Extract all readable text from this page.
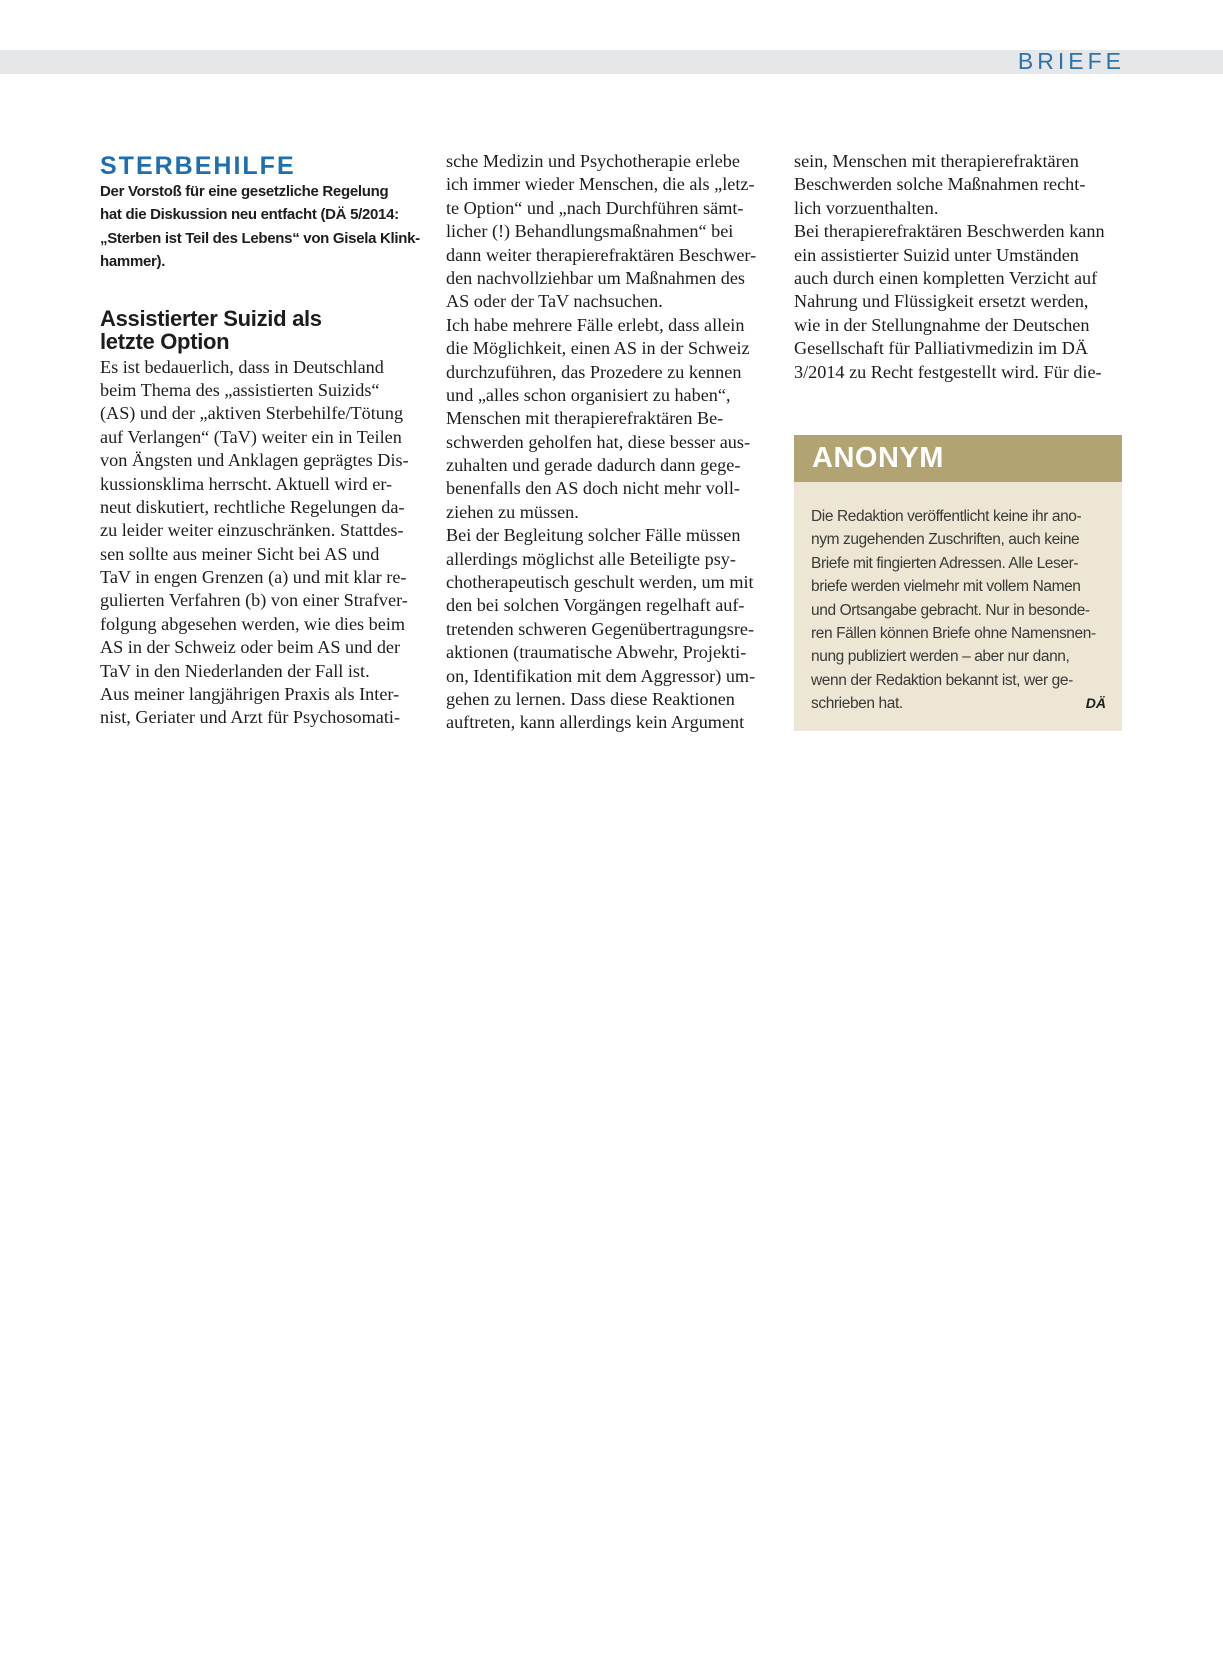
BRIEFE
STERBEHILFE
Der Vorstoß für eine gesetzliche Regelung
hat die Diskussion neu entfacht (DÄ 5/2014:
„Sterben ist Teil des Lebens“ von Gisela Klink-
hammer).
Assistierter Suizid als
letzte Option
Es ist bedauerlich, dass in Deutschland
beim Thema des „assistierten Suizids“
(AS) und der „aktiven Sterbehilfe/Tötung
auf Verlangen“ (TaV) weiter ein in Teilen
von Ängsten und Anklagen geprägtes Dis-
kussionsklima herrscht. Aktuell wird er-
neut diskutiert, rechtliche Regelungen da-
zu leider weiter einzuschränken. Stattdes-
sen sollte aus meiner Sicht bei AS und
TaV in engen Grenzen (a) und mit klar re-
gulierten Verfahren (b) von einer Strafver-
folgung abgesehen werden, wie dies beim
AS in der Schweiz oder beim AS und der
TaV in den Niederlanden der Fall ist.
Aus meiner langjährigen Praxis als Inter-
nist, Geriater und Arzt für Psychosomati-
sche Medizin und Psychotherapie erlebe
ich immer wieder Menschen, die als „letz-
te Option“ und „nach Durchführen sämt-
licher (!) Behandlungsmaßnahmen“ bei
dann weiter therapierefraktären Beschwer-
den nachvollziehbar um Maßnahmen des
AS oder der TaV nachsuchen.
Ich habe mehrere Fälle erlebt, dass allein
die Möglichkeit, einen AS in der Schweiz
durchzuführen, das Prozedere zu kennen
und „alles schon organisiert zu haben“,
Menschen mit therapierefraktären Be-
schwerden geholfen hat, diese besser aus-
zuhalten und gerade dadurch dann gege-
benenfalls den AS doch nicht mehr voll-
ziehen zu müssen.
Bei der Begleitung solcher Fälle müssen
allerdings möglichst alle Beteiligte psy-
chotherapeutisch geschult werden, um mit
den bei solchen Vorgängen regelhaft auf-
tretenden schweren Gegenübertragungsre-
aktionen (traumatische Abwehr, Projekti-
on, Identifikation mit dem Aggressor) um-
gehen zu lernen. Dass diese Reaktionen
auftreten, kann allerdings kein Argument
sein, Menschen mit therapierefraktären
Beschwerden solche Maßnahmen recht-
lich vorzuenthalten.
Bei therapierefraktären Beschwerden kann
ein assistierter Suizid unter Umständen
auch durch einen kompletten Verzicht auf
Nahrung und Flüssigkeit ersetzt werden,
wie in der Stellungnahme der Deutschen
Gesellschaft für Palliativmedizin im DÄ
3/2014 zu Recht festgestellt wird. Für die-
ANONYM
Die Redaktion veröffentlicht keine ihr ano-
nym zugehenden Zuschriften, auch keine
Briefe mit fingierten Adressen. Alle Leser-
briefe werden vielmehr mit vollem Namen
und Ortsangabe gebracht. Nur in besonde-
ren Fällen können Briefe ohne Namensnen-
nung publiziert werden – aber nur dann,
wenn der Redaktion bekannt ist, wer ge-
schrieben hat.	DÄ
